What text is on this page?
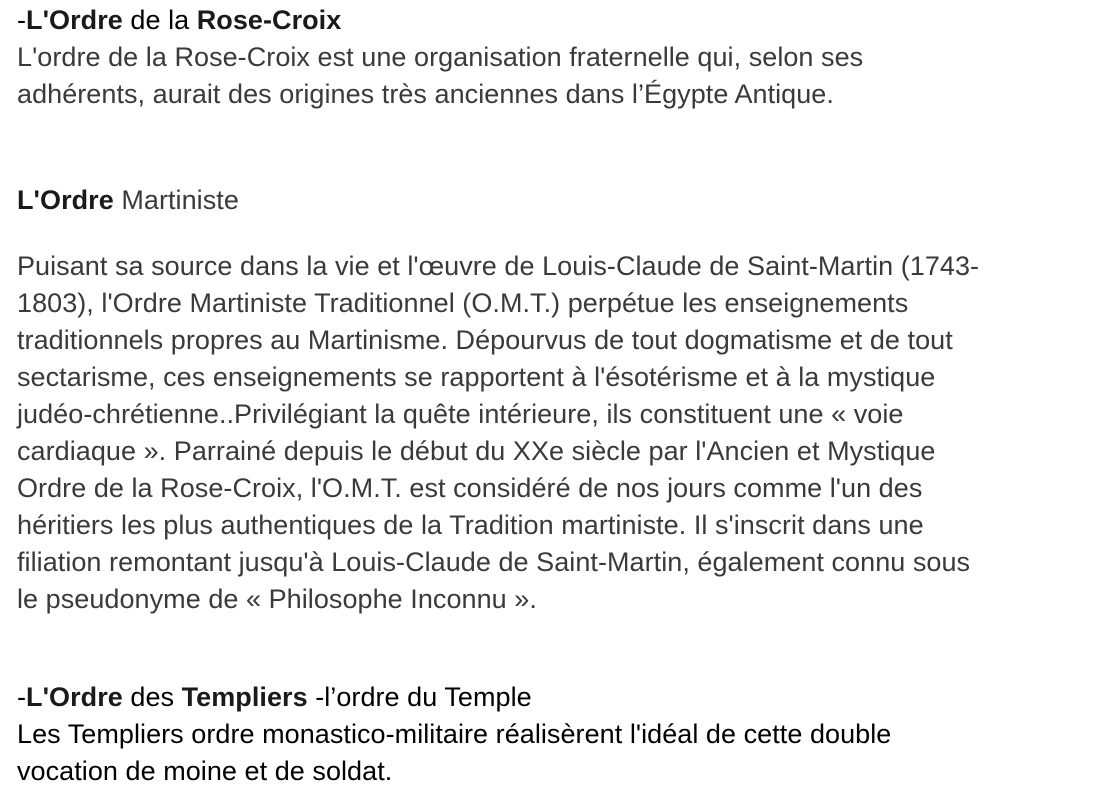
-L'Ordre de la Rose-Croix
L'ordre de la Rose-Croix est une organisation fraternelle qui, selon ses
adhérents, aurait des origines très anciennes dans l’Égypte Antique.
L'Ordre Martiniste
Puisant sa source dans la vie et l'œuvre de Louis-Claude de Saint-Martin (1743-
1803), l'Ordre Martiniste Traditionnel (O.M.T.) perpétue les enseignements
traditionnels propres au Martinisme. Dépourvus de tout dogmatisme et de tout
sectarisme, ces enseignements se rapportent à l'ésotérisme et à la mystique
judéo-chrétienne..Privilégiant la quête intérieure, ils constituent une « voie
cardiaque ». Parrainé depuis le début du XXe siècle par l'Ancien et Mystique
Ordre de la Rose-Croix, l'O.M.T. est considéré de nos jours comme l'un des
héritiers les plus authentiques de la Tradition martiniste. Il s'inscrit dans une
filiation remontant jusqu'à Louis-Claude de Saint-Martin, également connu sous
le pseudonyme de « Philosophe Inconnu ».
-L'Ordre des Templiers -l’ordre du Temple
Les Templiers ordre monastico-militaire réalisèrent l'idéal de cette double
vocation de moine et de soldat.
